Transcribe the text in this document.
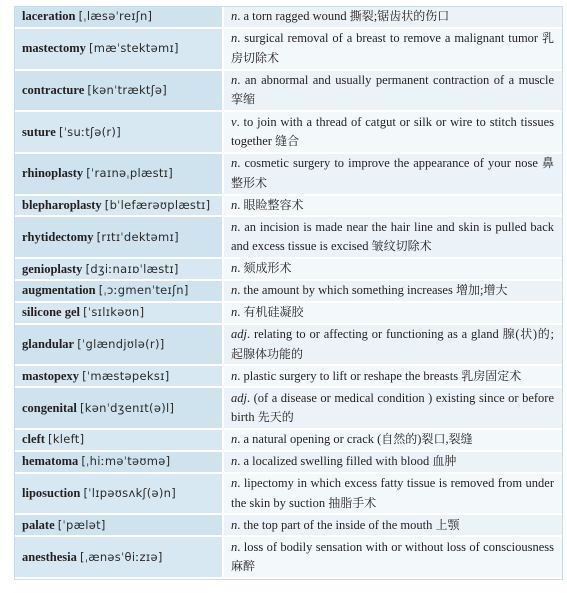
laceration [ˌlæsəˈreɪʃn]	n. a torn ragged wound 撕裂;锯齿状的伤口
mastectomy [mæˈstektəmɪ]	n. surgical removal of a breast to remove a malignant tumor 乳房切除术
contracture [kənˈtræktʃə]	n. an abnormal and usually permanent contraction of a muscle 挛缩
suture [ˈsuːtʃə(r)]	v. to join with a thread of catgut or silk or wire to stitch tissues together 缝合
rhinoplasty [ˈraɪnəˌplæstɪ]	n. cosmetic surgery to improve the appearance of your nose 鼻整形术
blepharoplasty [bˈlefærəʊplæstɪ]	n. 眼睑整容术
rhytidectomy [rɪtɪˈdektəmɪ]	n. an incision is made near the hair line and skin is pulled back and excess tissue is excised 皱纹切除术
genioplasty [dʒiːnaɪɒˈlæstɪ]	n. 颏成形术
augmentation [ˌɔːgmenˈteɪʃn]	n. the amount by which something increases 增加;增大
silicone gel [ˈsɪlɪkəʊn]	n. 有机硅凝胶
glandular [ˈglændjʊlə(r)]	adj. relating to or affecting or functioning as a gland 腺(状)的;起腺体功能的
mastopexy [ˈmæstəpeksɪ]	n. plastic surgery to lift or reshape the breasts 乳房固定术
congenital [kənˈdʒenɪt(ə)l]	adj. (of a disease or medical condition ) existing since or before birth 先天的
cleft [kleft]	n. a natural opening or crack (自然的)裂口,裂缝
hematoma [ˌhiːməˈtəʊmə]	n. a localized swelling filled with blood 血肿
liposuction [ˈlɪpəʊsʌkʃ(ə)n]	n. lipectomy in which excess fatty tissue is removed from under the skin by suction 抽脂手术
palate [ˈpælət]	n. the top part of the inside of the mouth 上颚
anesthesia [ˌænəsˈθiːzɪə]	n. loss of bodily sensation with or without loss of consciousness 麻醉
